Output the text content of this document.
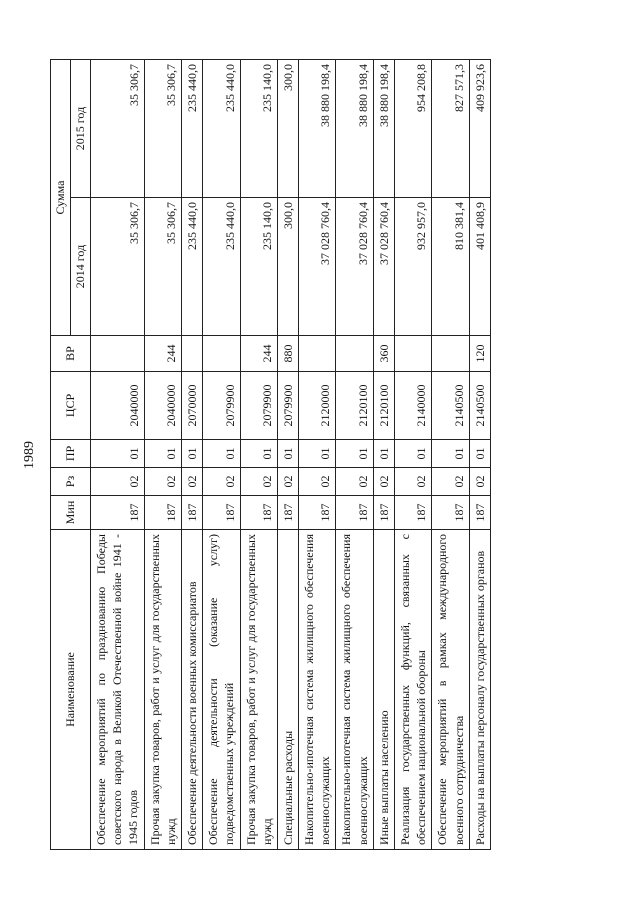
1989
Наименование	Мин	Рз	ПР	ЦСР	ВР	Сумма	
						2014 год	2015 год
Обеспечение мероприятий по празднованию Победы советского народа в Великой Отечественной войне 1941 - 1945 годов	187	02	01	2040000		35 306,7	35 306,7
Прочая закупка товаров, работ и услуг для государственных нужд	187	02	01	2040000	244	35 306,7	35 306,7
Обеспечение деятельности военных комиссариатов	187	02	01	2070000		235 440,0	235 440,0
Обеспечение деятельности (оказание услуг) подведомственных учреждений	187	02	01	2079900		235 440,0	235 440,0
Прочая закупка товаров, работ и услуг для государственных нужд	187	02	01	2079900	244	235 140,0	235 140,0
Специальные расходы	187	02	01	2079900	880	300,0	300,0
Накопительно-ипотечная система жилищного обеспечения военнослужащих	187	02	01	2120000		37 028 760,4	38 880 198,4
Накопительно-ипотечная система жилищного обеспечения военнослужащих	187	02	01	2120100		37 028 760,4	38 880 198,4
Иные выплаты населению	187	02	01	2120100	360	37 028 760,4	38 880 198,4
Реализация государственных функций, связанных с обеспечением национальной обороны	187	02	01	2140000		932 957,0	954 208,8
Обеспечение мероприятий в рамках международного военного сотрудничества	187	02	01	2140500		810 381,4	827 571,3
Расходы на выплаты персоналу государственных органов	187	02	01	2140500	120	401 408,9	409 923,6
